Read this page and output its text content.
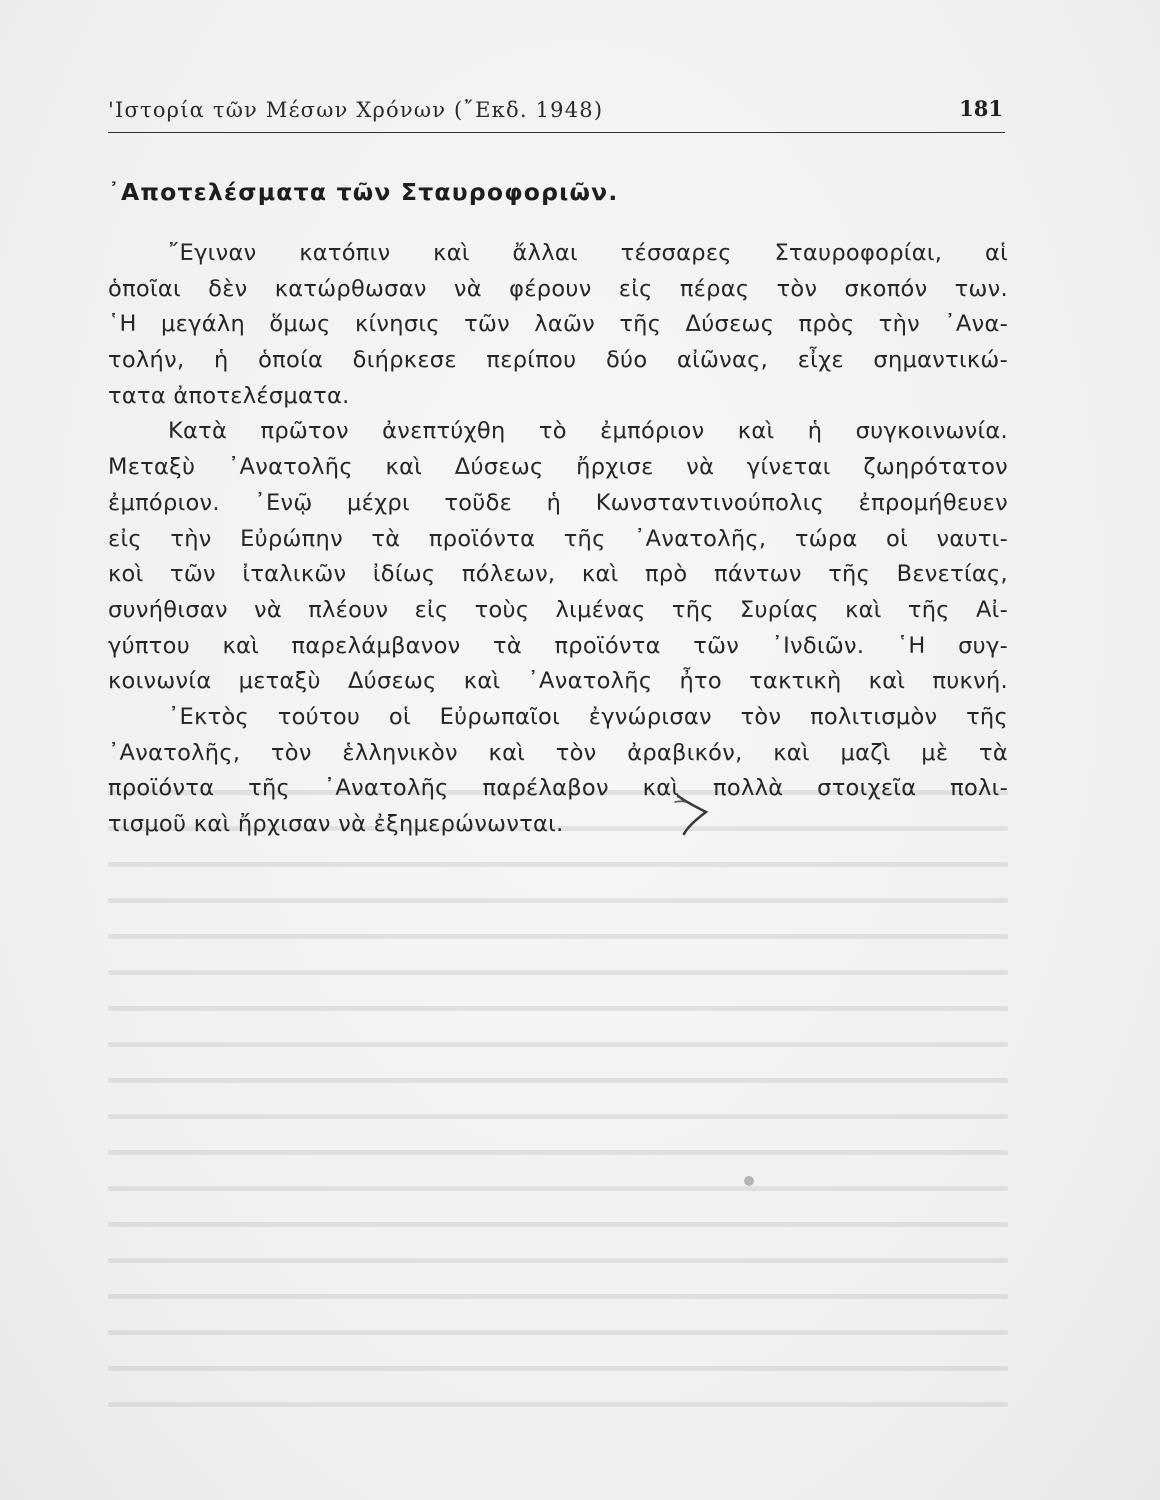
'Ιστορία τῶν Μέσων Χρόνων (῎Εκδ. 1948)	181
᾿Αποτελέσματα τῶν Σταυροφοριῶν.
῎Εγιναν κατόπιν καὶ ἄλλαι τέσσαρες Σταυροφορίαι, αἱ
ὁποῖαι δὲν κατώρθωσαν νὰ φέρουν εἰς πέρας τὸν σκοπόν των.
῾Η μεγάλη ὅμως κίνησις τῶν λαῶν τῆς Δύσεως πρὸς τὴν ᾿Ανα-
τολήν, ἡ ὁποία διήρκεσε περίπου δύο αἰῶνας, εἶχε σημαντικώ-
τατα ἀποτελέσματα.
Κατὰ πρῶτον ἀνεπτύχθη τὸ ἐμπόριον καὶ ἡ συγκοινωνία.
Μεταξὺ ᾿Ανατολῆς καὶ Δύσεως ἤρχισε νὰ γίνεται ζωηρότατον
ἐμπόριον. ᾿Ενῷ μέχρι τοῦδε ἡ Κωνσταντινούπολις ἐπρομήθευεν
εἰς τὴν Εὐρώπην τὰ προϊόντα τῆς ᾿Ανατολῆς, τώρα οἱ ναυτι-
κοὶ τῶν ἰταλικῶν ἰδίως πόλεων, καὶ πρὸ πάντων τῆς Βενετίας,
συνήθισαν νὰ πλέουν εἰς τοὺς λιμένας τῆς Συρίας καὶ τῆς Αἰ-
γύπτου καὶ παρελάμβανον τὰ προϊόντα τῶν ᾿Ινδιῶν. ῾Η συγ-
κοινωνία μεταξὺ Δύσεως καὶ ᾿Ανατολῆς ἦτο τακτικὴ καὶ πυκνή.
᾿Εκτὸς τούτου οἱ Εὐρωπαῖοι ἐγνώρισαν τὸν πολιτισμὸν τῆς
᾿Ανατολῆς, τὸν ἑλληνικὸν καὶ τὸν ἀραβικόν, καὶ μαζὶ μὲ τὰ
προϊόντα τῆς ᾿Ανατολῆς παρέλαβον καὶ πολλὰ στοιχεῖα πολι-
τισμοῦ καὶ ἤρχισαν νὰ ἐξημερώνωνται.
